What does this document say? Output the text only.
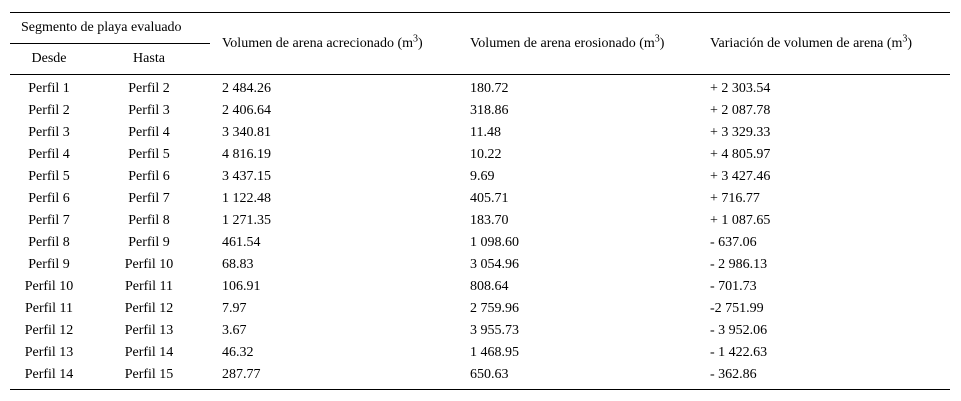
Segmento de playa evaluado		Volumen de arena acrecionado $(m^3)$	Volumen de arena erosionado $(m^3)$	Variación de volumen de arena $(m^3)$
Desde	Hasta			
Perfil 1	Perfil 2	2 484.26	180.72	+ 2 303.54
Perfil 2	Perfil 3	2 406.64	318.86	+ 2 087.78
Perfil 3	Perfil 4	3 340.81	11.48	+ 3 329.33
Perfil 4	Perfil 5	4 816.19	10.22	+ 4 805.97
Perfil 5	Perfil 6	3 437.15	9.69	+ 3 427.46
Perfil 6	Perfil 7	1 122.48	405.71	+ 716.77
Perfil 7	Perfil 8	1 271.35	183.70	+ 1 087.65
Perfil 8	Perfil 9	461.54	1 098.60	- 637.06
Perfil 9	Perfil 10	68.83	3 054.96	- 2 986.13
Perfil 10	Perfil 11	106.91	808.64	- 701.73
Perfil 11	Perfil 12	7.97	2 759.96	-2 751.99
Perfil 12	Perfil 13	3.67	3 955.73	- 3 952.06
Perfil 13	Perfil 14	46.32	1 468.95	- 1 422.63
Perfil 14	Perfil 15	287.77	650.63	- 362.86
